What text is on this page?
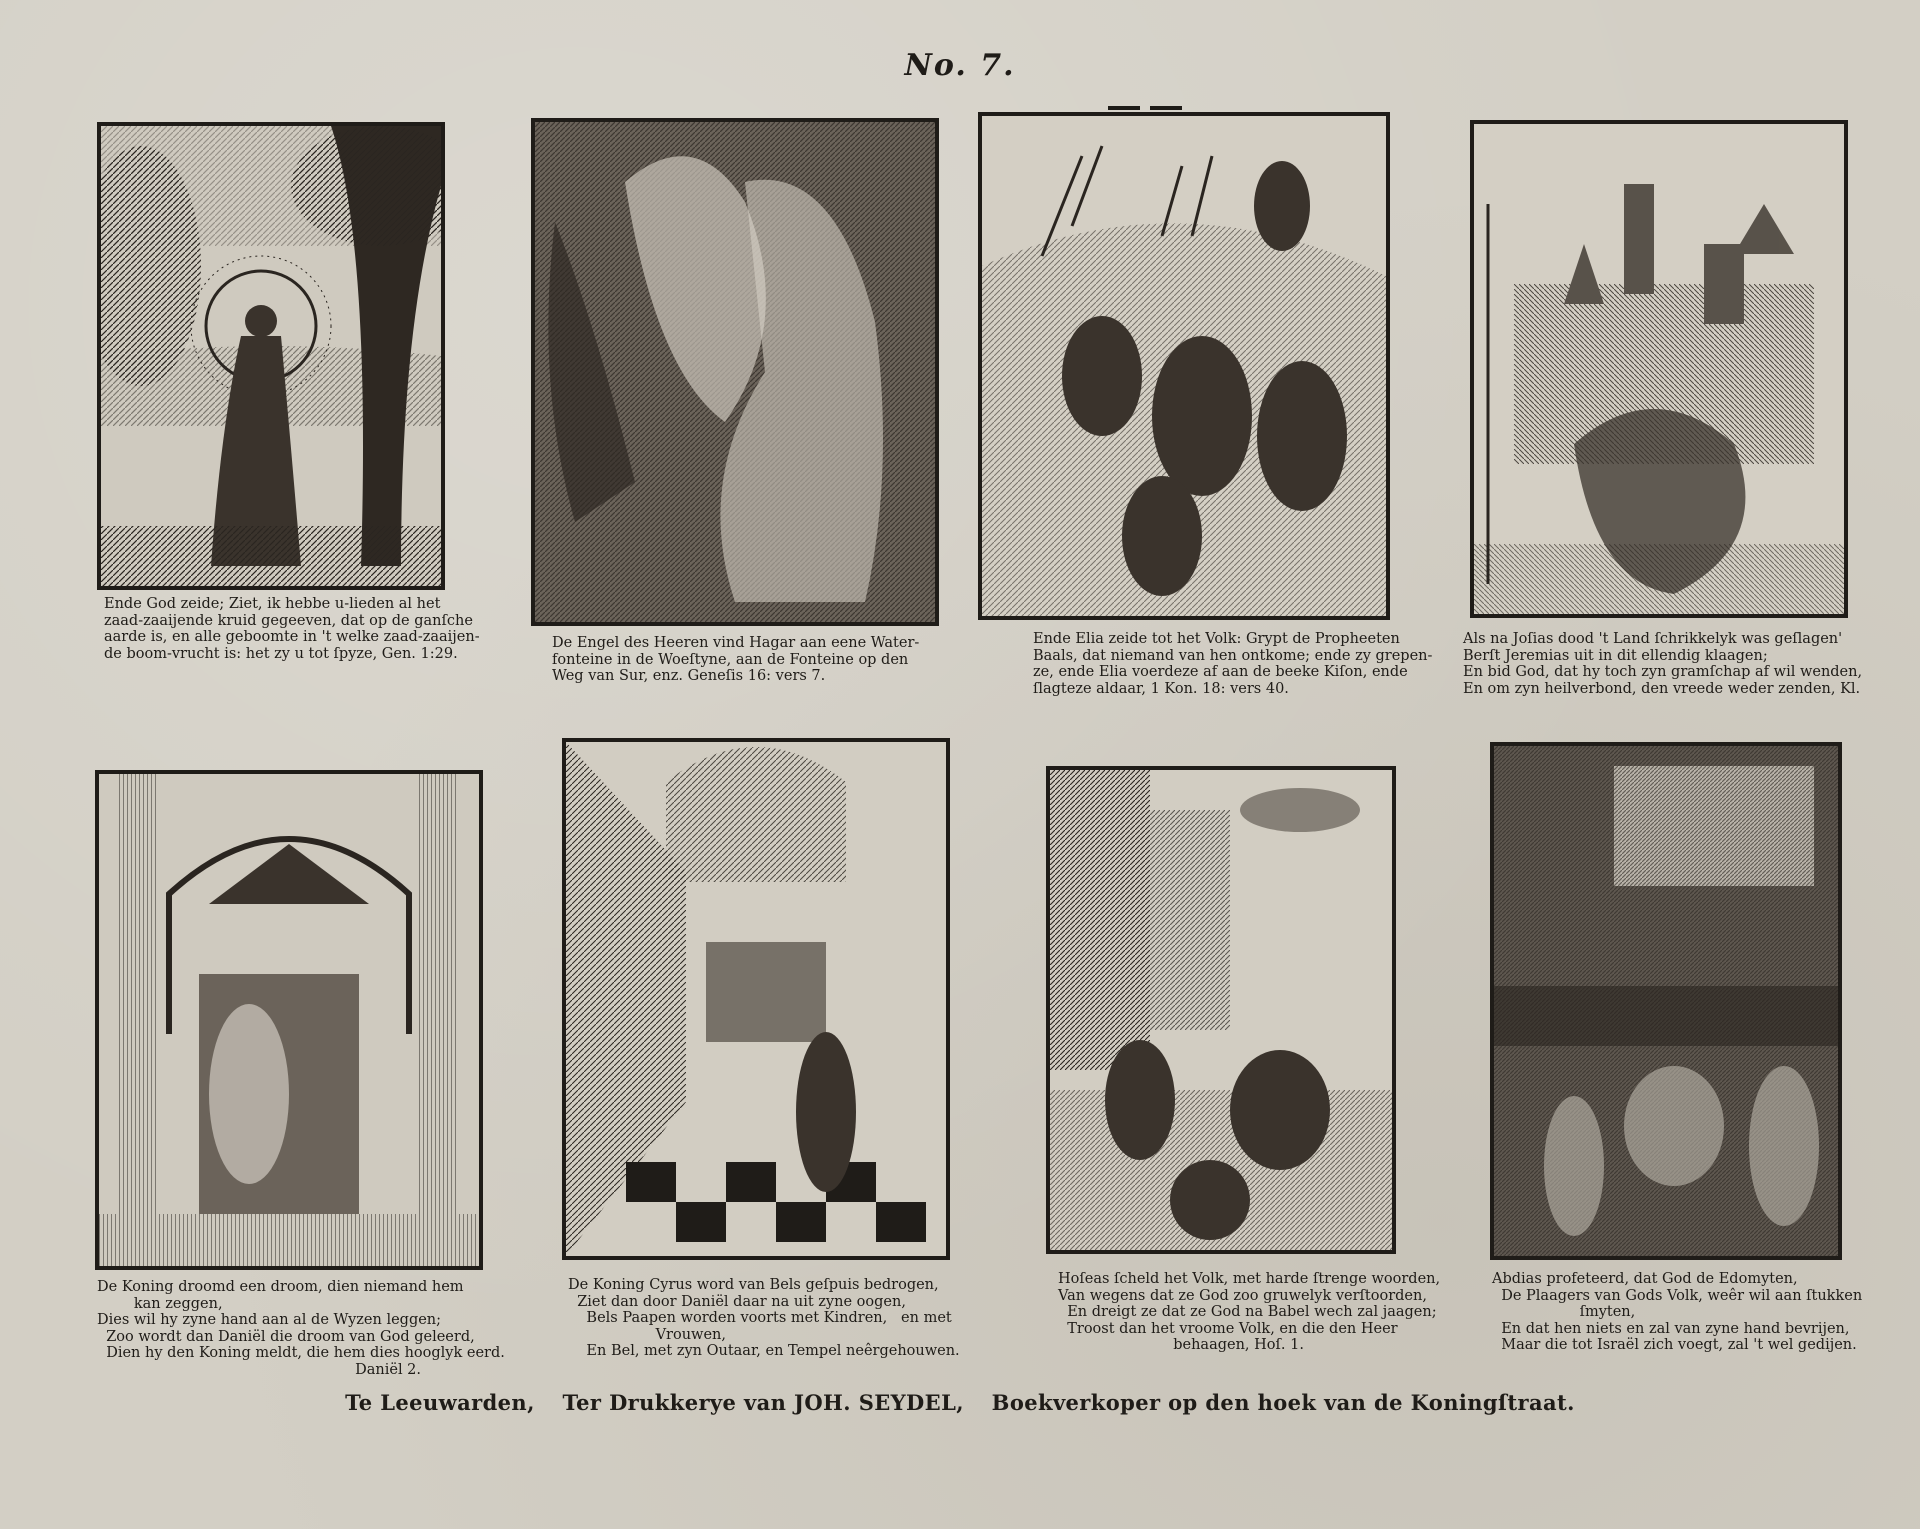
No. 7.
Ende God zeide; Ziet, ik hebbe u-lieden al het
zaad-zaaijende kruid gegeeven, dat op de ganſche
aarde is, en alle geboomte in 't welke zaad-zaaijen-
de boom-vrucht is: het zy u tot ſpyze, Gen. 1:29.
De Engel des Heeren vind Hagar aan eene Water-
fonteine in de Woeſtyne, aan de Fonteine op den
Weg van Sur, enz. Geneſis 16: vers 7.
Ende Elia zeide tot het Volk: Grypt de Propheeten
Baals, dat niemand van hen ontkome; ende zy grepen-
ze, ende Elia voerdeze af aan de beeke Kiſon, ende
ſlagteze aldaar, 1 Kon. 18: vers 40.
Als na Joſias dood 't Land ſchrikkelyk was geſlagen'
Berſt Jeremias uit in dit ellendig klaagen;
En bid God, dat hy toch zyn gramſchap af wil wenden,
En om zyn heilverbond, den vreede weder zenden, Kl.
De Koning droomd een droom, dien niemand hem
kan zeggen,
Dies wil hy zyne hand aan al de Wyzen leggen;
Zoo wordt dan Daniël die droom van God geleerd,
Dien hy den Koning meldt, die hem dies hooglyk eerd.
Daniël 2.
De Koning Cyrus word van Bels geſpuis bedrogen,
Ziet dan door Daniël daar na uit zyne oogen,
Bels Paapen worden voorts met Kindren,   en met
Vrouwen,
En Bel, met zyn Outaar, en Tempel neêrgehouwen.
Hoſeas ſcheld het Volk, met harde ſtrenge woorden,
Van wegens dat ze God zoo gruwelyk verſtoorden,
En dreigt ze dat ze God na Babel wech zal jaagen;
Troost dan het vroome Volk, en die den Heer
behaagen, Hoſ. 1.
Abdias profeteerd, dat God de Edomyten,
De Plaagers van Gods Volk, weêr wil aan ſtukken
ſmyten,
En dat hen niets en zal van zyne hand bevrijen,
Maar die tot Israël zich voegt, zal 't wel gedijen.
Te Leeuwarden, Ter Drukkerye van JOH. SEYDEL, Boekverkoper op den hoek van de Koningſtraat.
